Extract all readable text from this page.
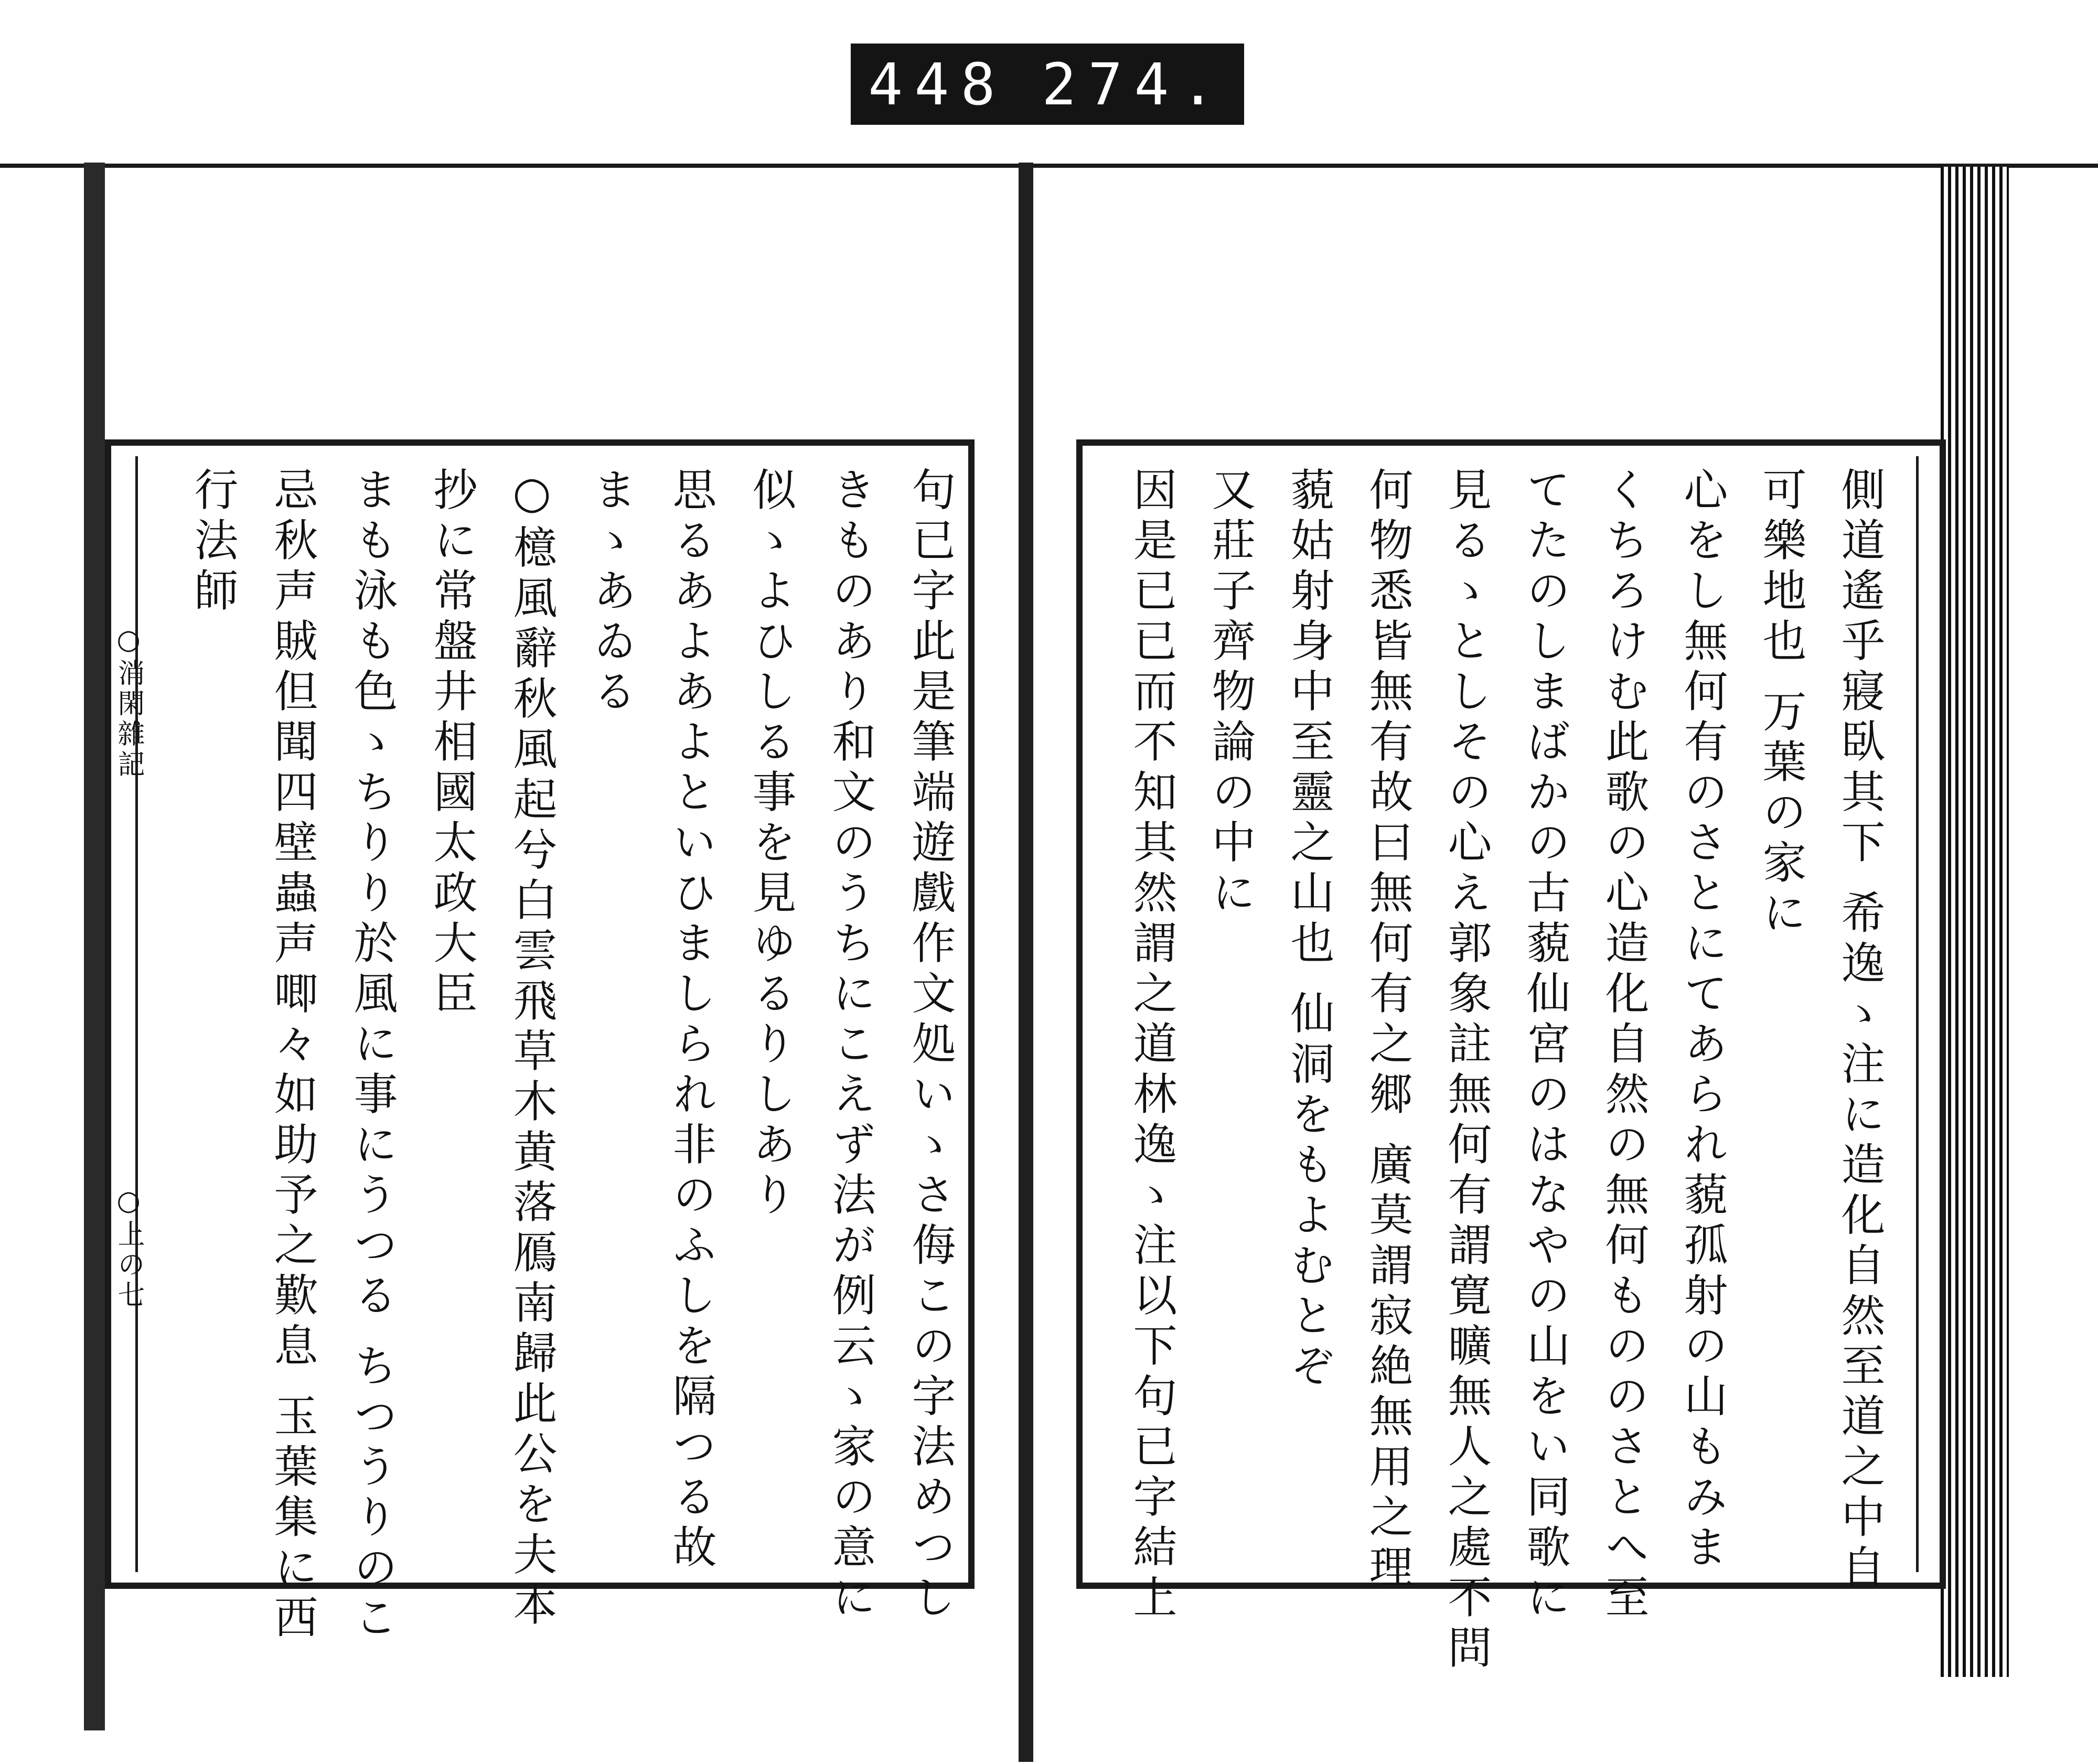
448 274.
○消閑雜記
○上の七	句已字此是筆端遊戲作文処いゝさ侮この字法めつし
きものあり和文のうちにこえず法が例云ゝ家の意に
似ゝよひしる事を見ゆるりしあり
思るあよあよといひましられ非のふしを隔つる故
まゝあゐる
○檍風辭秋風起兮白雲飛草木黄落鴈南歸此公を夫本
抄に常盤井相國太政大臣
まも泳も色ゝちりり於風に事にうつる ちつうりのこ
忌秋声賊但聞四壁蟲声唧々如助予之歎息 玉葉集に西
行法師	側道遙乎寢臥其下 希逸ゝ注に造化自然至道之中自
可樂地也 万葉の家に
心をし無何有のさとにてあられ藐孤射の山もみま
くちろけむ此歌の心造化自然の無何もののさとへ至
てたのしまばかの古藐仙宮のはなやの山をい同歌に
見るゝとしその心え郭象註無何有謂寛曠無人之處不問
何物悉皆無有故曰無何有之郷 廣莫謂寂絶無用之理
藐姑射身中至靈之山也 仙洞をもよむとぞ
又莊子齊物論の中に
因是已已而不知其然謂之道林逸ゝ注以下句已字結上
